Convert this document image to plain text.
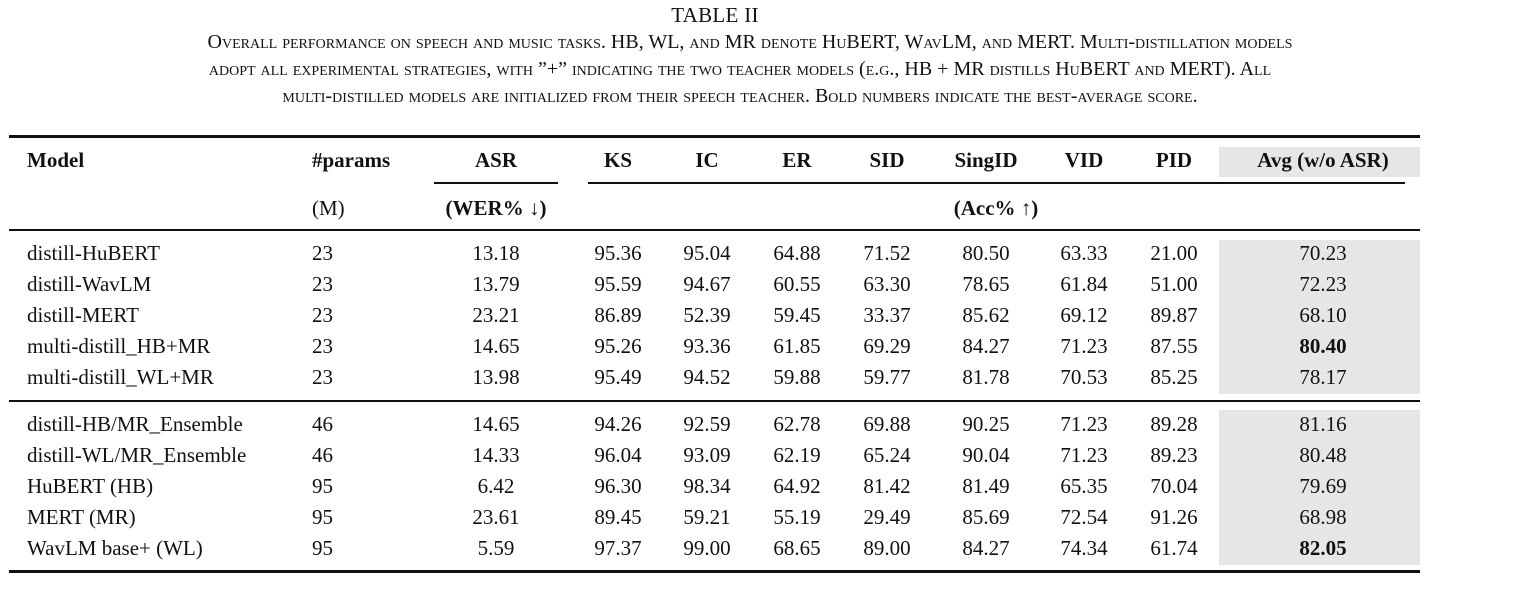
TABLE II
Overall performance on speech and music tasks. HB, WL, and MR denote HuBERT, WavLM, and MERT. Multi-distillation models
adopt all experimental strategies, with ”+” indicating the two teacher models (e.g., HB + MR distills HuBERT and MERT). All
multi-distilled models are initialized from their speech teacher. Bold numbers indicate the best-average score.
Model	#params	ASR	KS	IC	ER	SID SingID VID	PID	Avg (w/o ASR)
(M)	(WER% ↓)	(Acc% ↑)
distill-HuBERT	23	13.18	95.36 95.04 64.88 71.52 80.50 63.33 21.00	70.23
distill-WavLM	23	13.79	95.59 94.67 60.55 63.30 78.65 61.84 51.00	72.23
distill-MERT	23	23.21	86.89 52.39 59.45 33.37 85.62 69.12 89.87	68.10
multi-distill_HB+MR	23	14.65	95.26 93.36 61.85 69.29 84.27 71.23 87.55	80.40
multi-distill_WL+MR	23	13.98	95.49 94.52 59.88 59.77 81.78 70.53 85.25	78.17
distill-HB/MR_Ensemble	46	14.65	94.26 92.59 62.78 69.88 90.25 71.23 89.28	81.16
distill-WL/MR_Ensemble	46	14.33	96.04 93.09 62.19 65.24 90.04 71.23 89.23	80.48
HuBERT (HB)	95	6.42	96.30 98.34 64.92 81.42 81.49 65.35 70.04	79.69
MERT (MR)	95	23.61	89.45 59.21 55.19 29.49 85.69 72.54 91.26	68.98
WavLM base+ (WL)	95	5.59	97.37 99.00 68.65 89.00 84.27 74.34 61.74	82.05
